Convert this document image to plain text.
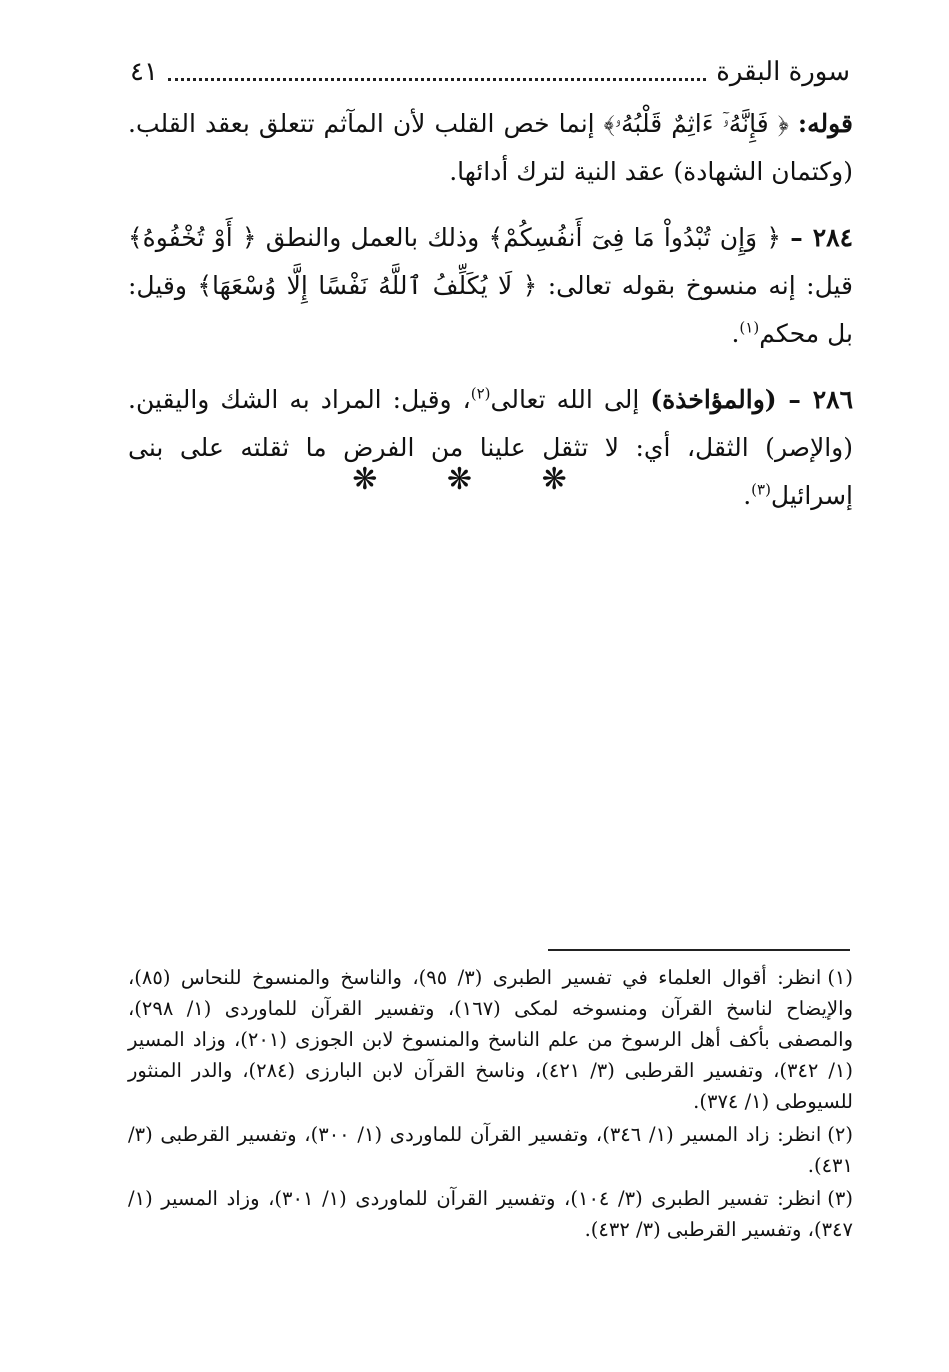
سورة البقرة
٤١

قوله: ﴿ فَإِنَّهُۥٓ ءَاثِمٌ قَلْبُهُۥ﴾ إنما خص القلب لأن المآثم تتعلق بعقد القلب. (وكتمان الشهادة) عقد النية لترك أدائها.

٢٨٤ – ﴿ وَإِن تُبْدُواْ مَا فِىٓ أَنفُسِكُمْ﴾ وذلك بالعمل والنطق ﴿ أَوْ تُخْفُوهُ﴾ قيل: إنه منسوخ بقوله تعالى: ﴿ لَا يُكَلِّفُ ٱللَّهُ نَفْسًا إِلَّا وُسْعَهَا﴾ وقيل: بل محكم$^{(١)}$.

٢٨٦ – (والمؤاخذة) إلى الله تعالى$^{(٢)}$، وقيل: المراد به الشك واليقين. (والإصر) الثقل، أي: لا تثقل علينا من الفرض ما ثقلته على بنى إسرائيل$^{(٣)}$.

❋ ❋ ❋

(١)انظر: أقوال العلماء في تفسير الطبرى (٣/ ٩٥)، والناسخ والمنسوخ للنحاس (٨٥)، والإيضاح لناسخ القرآن ومنسوخه لمكى (١٦٧)، وتفسير القرآن للماوردى (١/ ٢٩٨)، والمصفى بأكف أهل الرسوخ من علم الناسخ والمنسوخ لابن الجوزى (٢٠١)، وزاد المسير (١/ ٣٤٢)، وتفسير القرطبى (٣/ ٤٢١)، وناسخ القرآن لابن البارزى (٢٨٤)، والدر المنثور للسيوطى (١/ ٣٧٤).

(٢)انظر: زاد المسير (١/ ٣٤٦)، وتفسير القرآن للماوردى (١/ ٣٠٠)، وتفسير القرطبى (٣/ ٤٣١).

(٣)انظر: تفسير الطبرى (٣/ ١٠٤)، وتفسير القرآن للماوردى (١/ ٣٠١)، وزاد المسير (١/ ٣٤٧)، وتفسير القرطبى (٣/ ٤٣٢).
